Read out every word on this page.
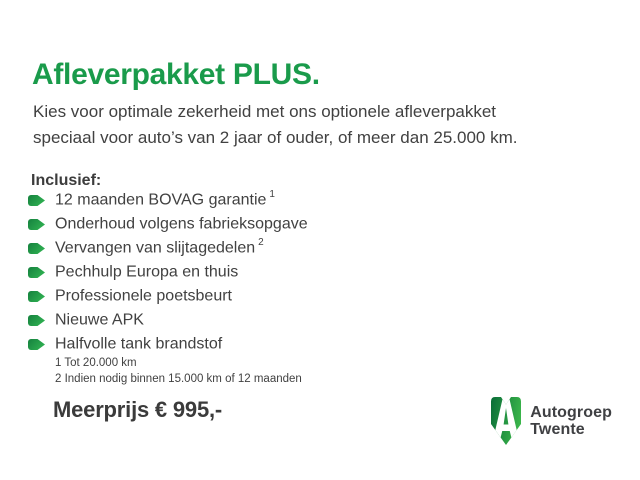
Afleverpakket PLUS.

Kies voor optimale zekerheid met ons optionele afleverpakket
speciaal voor auto’s van 2 jaar of ouder, of meer dan 25.000 km.

Inclusief:
12 maanden BOVAG garantie $^1$
Onderhoud volgens fabrieksopgave
Vervangen van slijtagedelen $^2$
Pechhulp Europa en thuis
Professionele poetsbeurt
Nieuwe APK
Halfvolle tank brandstof
1 Tot 20.000 km
2 Indien nodig binnen 15.000 km of 12 maanden
Meerprijs € 995,-	Autogroep
Twente
